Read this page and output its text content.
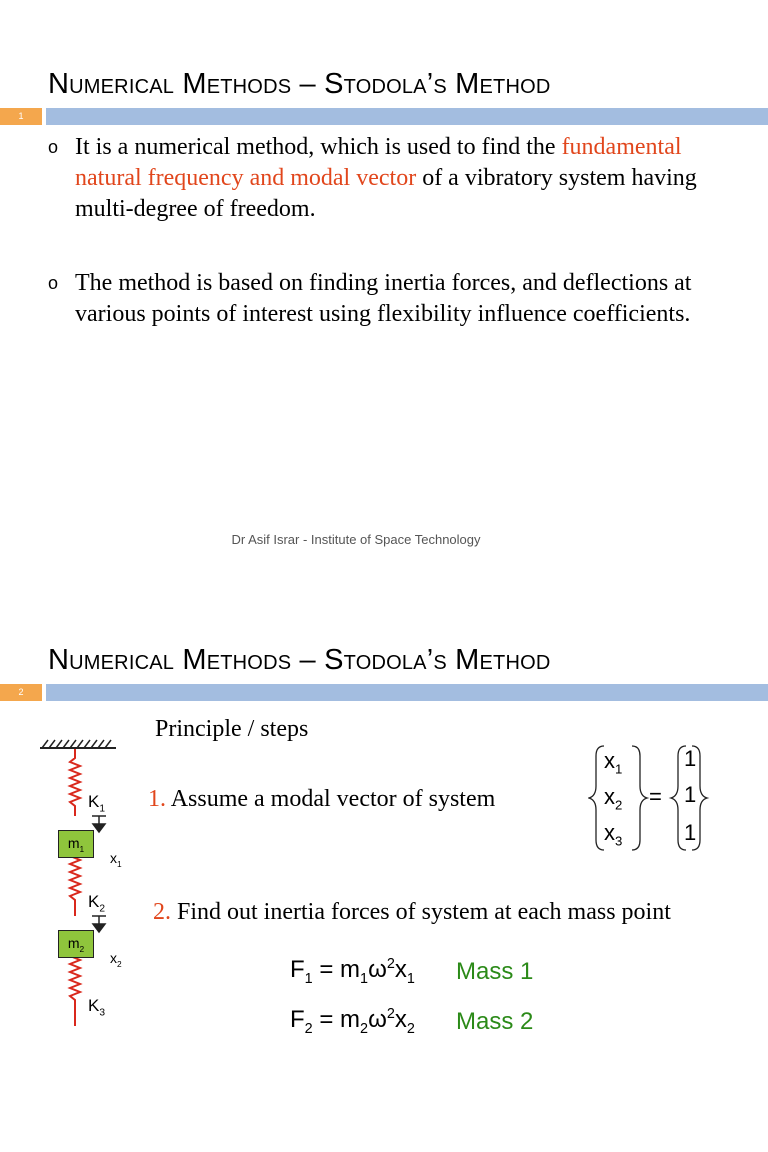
Numerical Methods – Stodola’s Method
1
o It is a numerical method, which is used to find the fundamental natural frequency and modal vector of a vibratory system having multi-degree of freedom.
o The method is based on finding inertia forces, and deflections at various points of interest using flexibility influence coefficients.
Dr Asif Israr - Institute of Space Technology
Numerical Methods – Stodola’s Method
2
$m_1$
$m_2$
$K_1$
$K_2$
$K_3$
$x_1$
$x_2$
Principle / steps
1. Assume a modal vector of system
$x_1$
$x_2$
$x_3$
=
1
1
1
2. Find out inertia forces of system at each mass point
$F_1 = m_1\omega^2x_1$ Mass 1
$F_2 = m_2\omega^2x_2$ Mass 2
